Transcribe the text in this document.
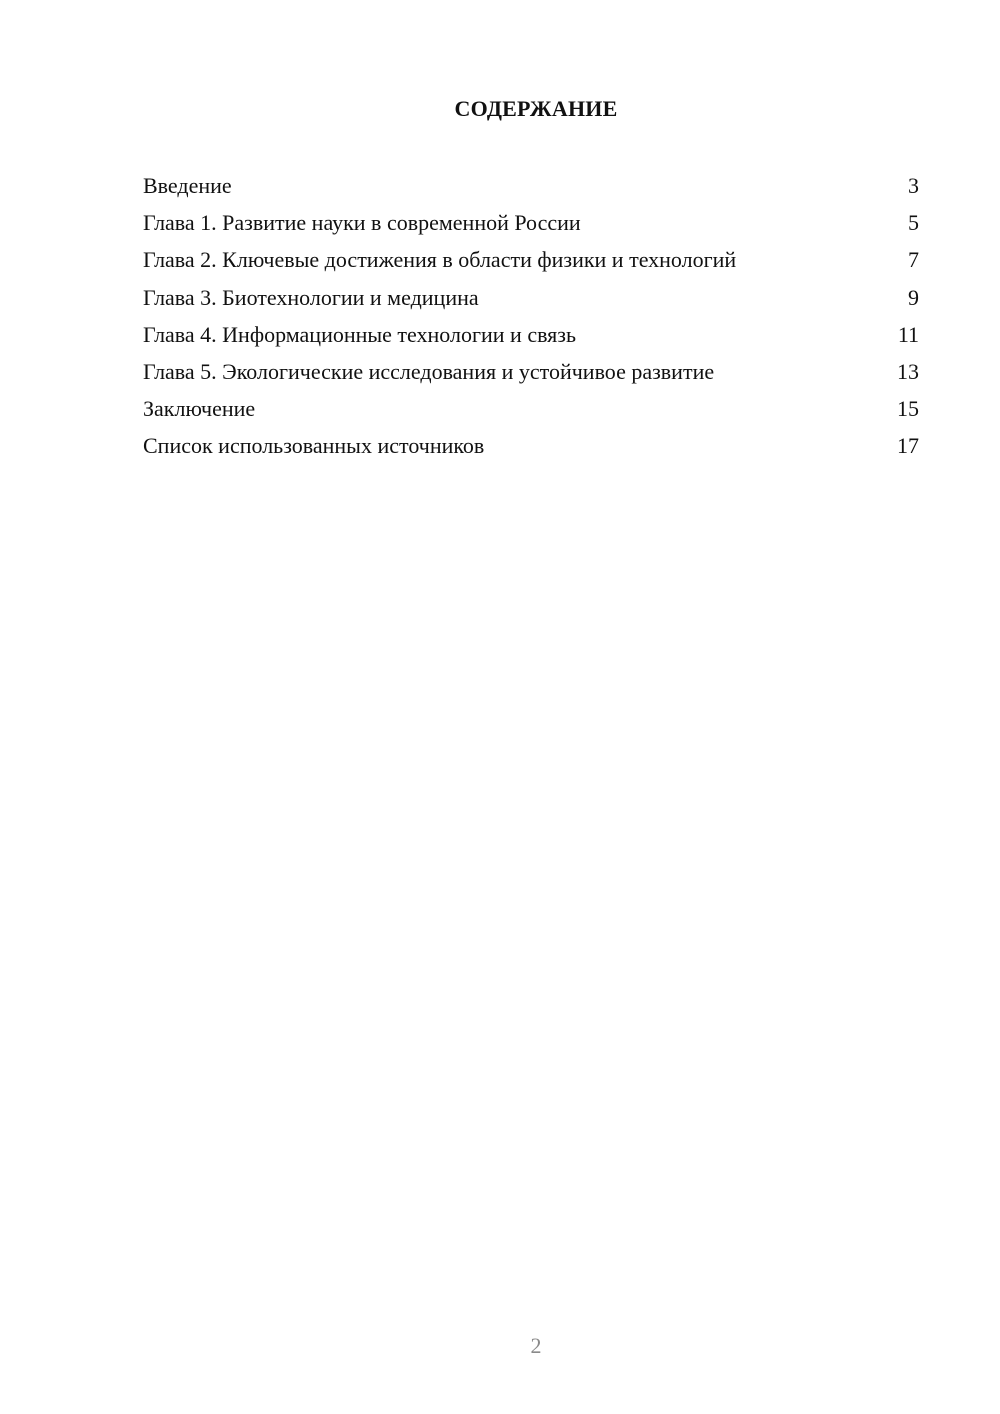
СОДЕРЖАНИЕ
Введение	3
Глава 1. Развитие науки в современной России	5
Глава 2. Ключевые достижения в области физики и технологий	7
Глава 3. Биотехнологии и медицина	9
Глава 4. Информационные технологии и связь	11
Глава 5. Экологические исследования и устойчивое развитие	13
Заключение	15
Список использованных источников	17
2
